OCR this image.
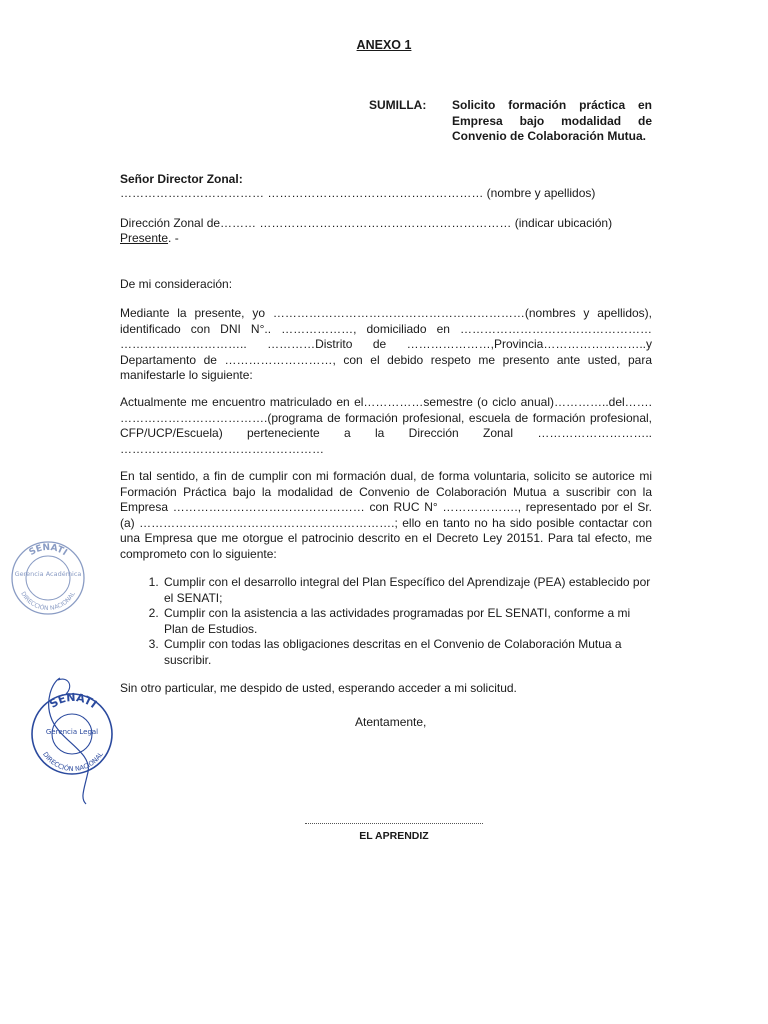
ANEXO 1
SUMILLA: Solicito formación práctica en Empresa bajo modalidad de Convenio de Colaboración Mutua.
Señor Director Zonal:
……………………………… ……………………………………………… (nombre y apellidos)
Dirección Zonal de……… ……………………………………………………… (indicar ubicación)
Presente. -
De mi consideración:
Mediante la presente, yo ………………………………………………………(nombres y apellidos), identificado con DNI N°.. ………………, domiciliado en ………………………………………… ………………………….. …………Distrito de …………………,Provincia……………………..y Departamento de ………………………, con el debido respeto me presento ante usted, para manifestarle lo siguiente:
Actualmente me encuentro matriculado en el……………semestre (o ciclo anual)…………..del……. ……………………………….(programa de formación profesional, escuela de formación profesional, CFP/UCP/Escuela) perteneciente a la Dirección Zonal ……………………….. ……………………………………………
En tal sentido, a fin de cumplir con mi formación dual, de forma voluntaria, solicito se autorice mi Formación Práctica bajo la modalidad de Convenio de Colaboración Mutua a suscribir con la Empresa ………………………………………… con RUC N° ………………., representado por el Sr. (a) ……………………………………………………….; ello en tanto no ha sido posible contactar con una Empresa que me otorgue el patrocinio descrito en el Decreto Ley 20151. Para tal efecto, me comprometo con lo siguiente:
1. Cumplir con el desarrollo integral del Plan Específico del Aprendizaje (PEA) establecido por el SENATI;
2. Cumplir con la asistencia a las actividades programadas por EL SENATI, conforme a mi Plan de Estudios.
3. Cumplir con todas las obligaciones descritas en el Convenio de Colaboración Mutua a suscribir.
Sin otro particular, me despido de usted, esperando acceder a mi solicitud.
Atentamente,
EL APRENDIZ
SENATI
Gerencia Académica
DIRECCIÓN NACIONAL
SENATI
Gerencia Legal
DIRECCIÓN NACIONAL
